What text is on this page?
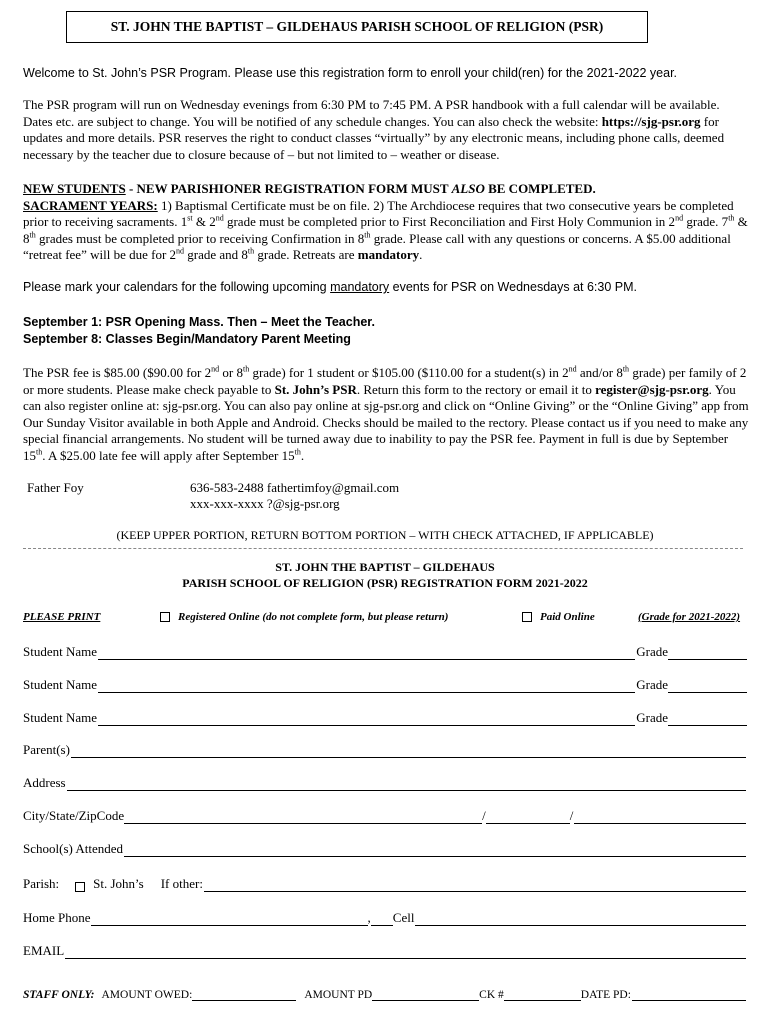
ST. JOHN THE BAPTIST – GILDEHAUS PARISH SCHOOL OF RELIGION (PSR)
Welcome to St. John’s PSR Program. Please use this registration form to enroll your child(ren) for the 2021-2022 year.
The PSR program will run on Wednesday evenings from 6:30 PM to 7:45 PM. A PSR handbook with a full calendar will be available. Dates etc. are subject to change. You will be notified of any schedule changes. You can also check the website: https://sjg-psr.org for updates and more details. PSR reserves the right to conduct classes “virtually” by any electronic means, including phone calls, deemed necessary by the teacher due to closure because of – but not limited to – weather or disease.
NEW STUDENTS - NEW PARISHIONER REGISTRATION FORM MUST ALSO BE COMPLETED.
SACRAMENT YEARS: 1) Baptismal Certificate must be on file. 2) The Archdiocese requires that two consecutive years be completed prior to receiving sacraments. 1st & 2nd grade must be completed prior to First Reconciliation and First Holy Communion in 2nd grade. 7th & 8th grades must be completed prior to receiving Confirmation in 8th grade. Please call with any questions or concerns. A $5.00 additional “retreat fee” will be due for 2nd grade and 8th grade. Retreats are mandatory.
Please mark your calendars for the following upcoming mandatory events for PSR on Wednesdays at 6:30 PM.
September 1: PSR Opening Mass. Then – Meet the Teacher.
September 8: Classes Begin/Mandatory Parent Meeting
The PSR fee is $85.00 ($90.00 for 2nd or 8th grade) for 1 student or $105.00 ($110.00 for a student(s) in 2nd and/or 8th grade) per family of 2 or more students. Please make check payable to St. John’s PSR. Return this form to the rectory or email it to register@sjg-psr.org. You can also register online at: sjg-psr.org. You can also pay online at sjg-psr.org and click on “Online Giving” or the “Online Giving” app from Our Sunday Visitor available in both Apple and Android. Checks should be mailed to the rectory. Please contact us if you need to make any special financial arrangements. No student will be turned away due to inability to pay the PSR fee. Payment in full is due by September 15th. A $25.00 late fee will apply after September 15th.
Father Foy	636-583-2488 fathertimfoy@gmail.com
xxx-xxx-xxxx ?@sjg-psr.org
(KEEP UPPER PORTION, RETURN BOTTOM PORTION – WITH CHECK ATTACHED, IF APPLICABLE)
ST. JOHN THE BAPTIST – GILDEHAUS
PARISH SCHOOL OF RELIGION (PSR) REGISTRATION FORM 2021-2022
PLEASE PRINT	Registered Online (do not complete form, but please return)	Paid Online	(Grade for 2021-2022)
Student Name	Grade
Student Name	Grade
Student Name	Grade
Parent(s)
Address
City/State/ZipCode	/	/
School(s) Attended
Parish:	St. John’s If other:
Home Phone	, Cell
EMAIL
STAFF ONLY: AMOUNT OWED:	AMOUNT PD	CK #	DATE PD:
